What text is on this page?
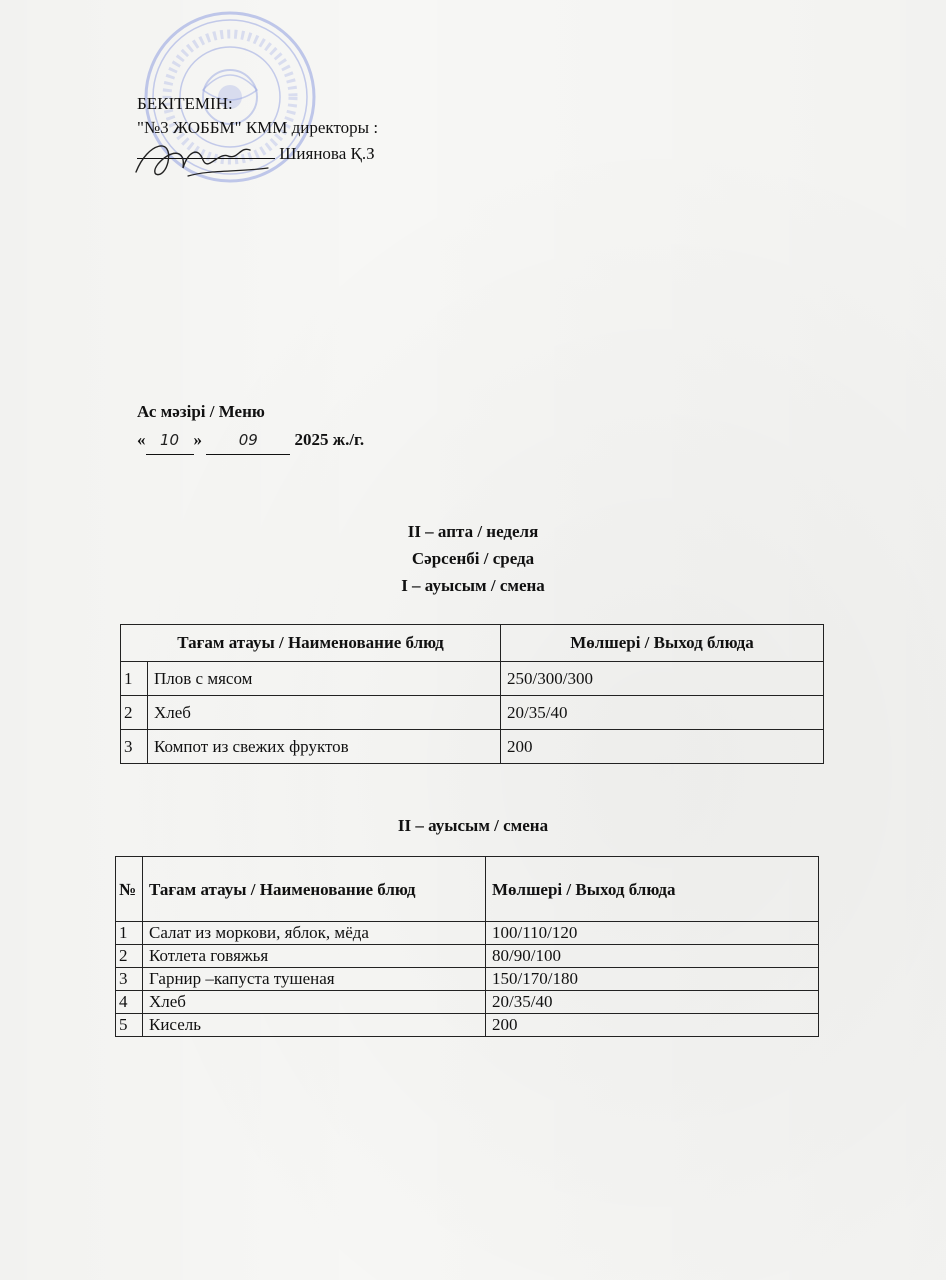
БЕКІТЕМІН:
"№3 ЖОББМ" КММ директоры :
Шиянова Қ.З
Ас мәзірі / Меню
« 10 » 09 2025 ж./г.
II – апта / неделя
Сәрсенбі / среда
I – ауысым / смена
Тағам атауы / Наименование блюд		Мөлшері / Выход блюда
1	Плов с мясом	250/300/300
2	Хлеб	20/35/40
3	Компот из свежих фруктов	200
II – ауысым / смена
№	Тағам атауы / Наименование блюд	Мөлшері / Выход блюда
1	Салат из моркови, яблок, мёда	100/110/120
2	Котлета говяжья	80/90/100
3	Гарнир –капуста тушеная	150/170/180
4	Хлеб	20/35/40
5	Кисель	200
